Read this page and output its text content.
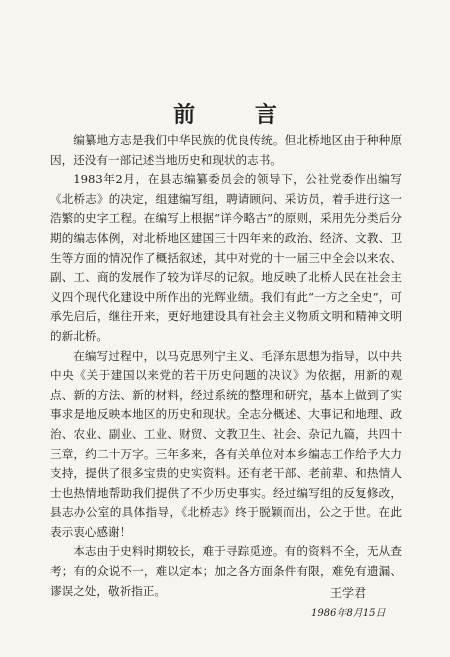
前 言

编纂地方志是我们中华民族的优良传统。但北桥地区由于种种原因，还没有一部记述当地历史和现状的志书。

1983年2月，在县志编纂委员会的领导下，公社党委作出编写《北桥志》的决定，组建编写组，聘请顾问、采访员，着手进行这一浩繁的史字工程。在编写上根据“详今略古”的原则，采用先分类后分期的编志体例，对北桥地区建国三十四年来的政治、经济、文教、卫生等方面的情况作了概括叙述，其中对党的十一届三中全会以来农、副、工、商的发展作了较为详尽的记叙。地反映了北桥人民在社会主义四个现代化建设中所作出的光辉业绩。我们有此“一方之全史”，可承先启后，继往开来，更好地建设具有社会主义物质文明和精神文明的新北桥。

在编写过程中，以马克思列宁主义、毛泽东思想为指导，以中共中央《关于建国以来党的若干历史问题的决议》为依据，用新的观点、新的方法、新的材料，经过系统的整理和研究，基本上做到了实事求是地反映本地区的历史和现状。全志分概述、大事记和地理、政治、农业、副业、工业、财贸、文教卫生、社会、杂记九篇，共四十三章，约二十万字。三年多来，各有关单位对本乡编志工作给予大力支持，提供了很多宝贵的史实资料。还有老干部、老前辈、和热情人士也热情地帮助我们提供了不少历史事实。经过编写组的反复修改，县志办公室的具体指导，《北桥志》终于脱颖而出，公之于世。在此表示衷心感谢！

本志由于史料时期较长，难于寻踪觅迹。有的资料不全，无从查考；有的众说不一，难以定本；加之各方面条件有限，难免有遗漏、谬误之处，敬祈指正。	王学君
1986年8月15日
